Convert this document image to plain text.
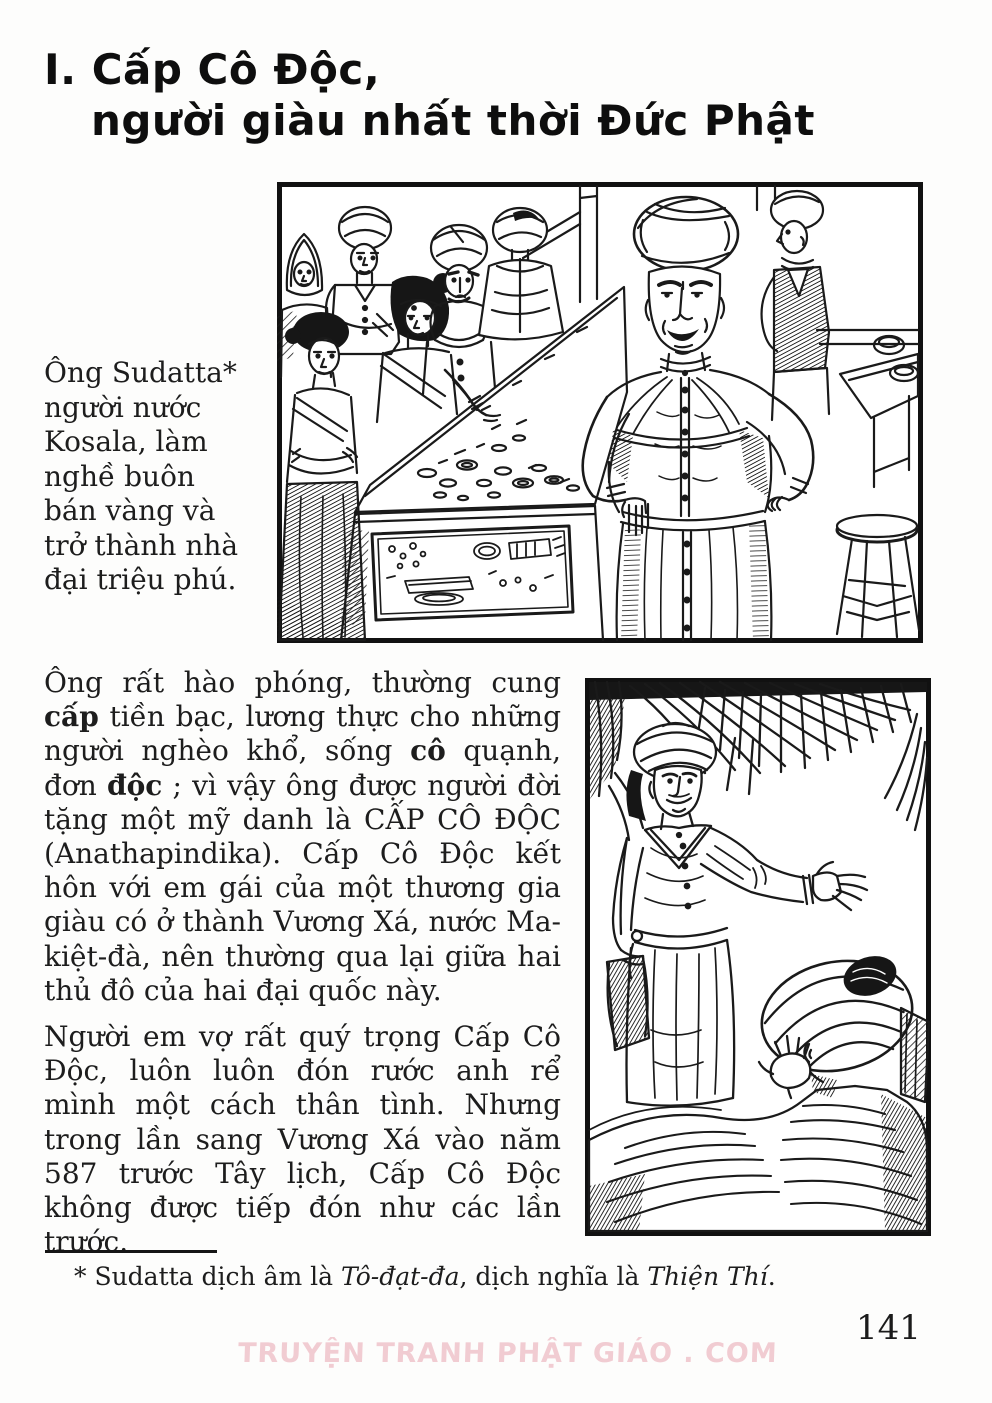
I. Cấp Cô Độc,
người giàu nhất thời Đức Phật
Ông Sudatta*
người nước
Kosala, làm
nghề buôn
bán vàng và
trở thành nhà
đại triệu phú.
Ông rất hào phóng, thường cung cấp tiền bạc, lương thực cho những người nghèo khổ, sống cô quạnh, đơn độc ; vì vậy ông được người đời tặng một mỹ danh là CẤP CÔ ĐỘC (Anathapindika). Cấp Cô Độc kết hôn với em gái của một thương gia giàu có ở thành Vương Xá, nước Ma-kiệt-đà, nên thường qua lại giữa hai thủ đô của hai đại quốc này.
Người em vợ rất quý trọng Cấp Cô Độc, luôn luôn đón rước anh rể mình một cách thân tình. Nhưng trong lần sang Vương Xá vào năm 587 trước Tây lịch, Cấp Cô Độc không được tiếp đón như các lần trước.
* Sudatta dịch âm là Tô-đạt-đa, dịch nghĩa là Thiện Thí.
141
TRUYỆN TRANH PHẬT GIÁO . COM
